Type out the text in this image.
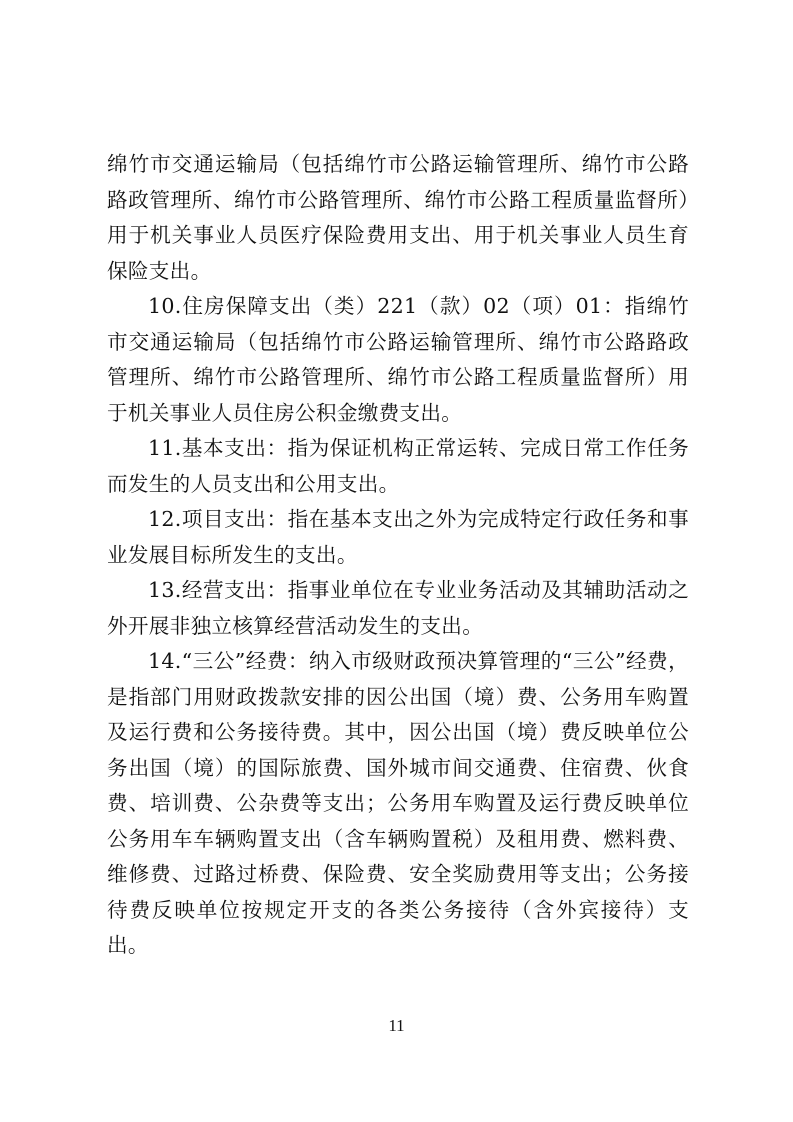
绵竹市交通运输局（包括绵竹市公路运输管理所、绵竹市公路路政管理所、绵竹市公路管理所、绵竹市公路工程质量监督所）用于机关事业人员医疗保险费用支出、用于机关事业人员生育保险支出。

10.住房保障支出（类）221（款）02（项）01：指绵竹市交通运输局（包括绵竹市公路运输管理所、绵竹市公路路政管理所、绵竹市公路管理所、绵竹市公路工程质量监督所）用于机关事业人员住房公积金缴费支出。

11.基本支出：指为保证机构正常运转、完成日常工作任务而发生的人员支出和公用支出。

12.项目支出：指在基本支出之外为完成特定行政任务和事业发展目标所发生的支出。

13.经营支出：指事业单位在专业业务活动及其辅助活动之外开展非独立核算经营活动发生的支出。

14.“三公”经费：纳入市级财政预决算管理的“三公”经费，是指部门用财政拨款安排的因公出国（境）费、公务用车购置及运行费和公务接待费。其中，因公出国（境）费反映单位公务出国（境）的国际旅费、国外城市间交通费、住宿费、伙食费、培训费、公杂费等支出；公务用车购置及运行费反映单位公务用车车辆购置支出（含车辆购置税）及租用费、燃料费、维修费、过路过桥费、保险费、安全奖励费用等支出；公务接待费反映单位按规定开支的各类公务接待（含外宾接待）支出。

11
